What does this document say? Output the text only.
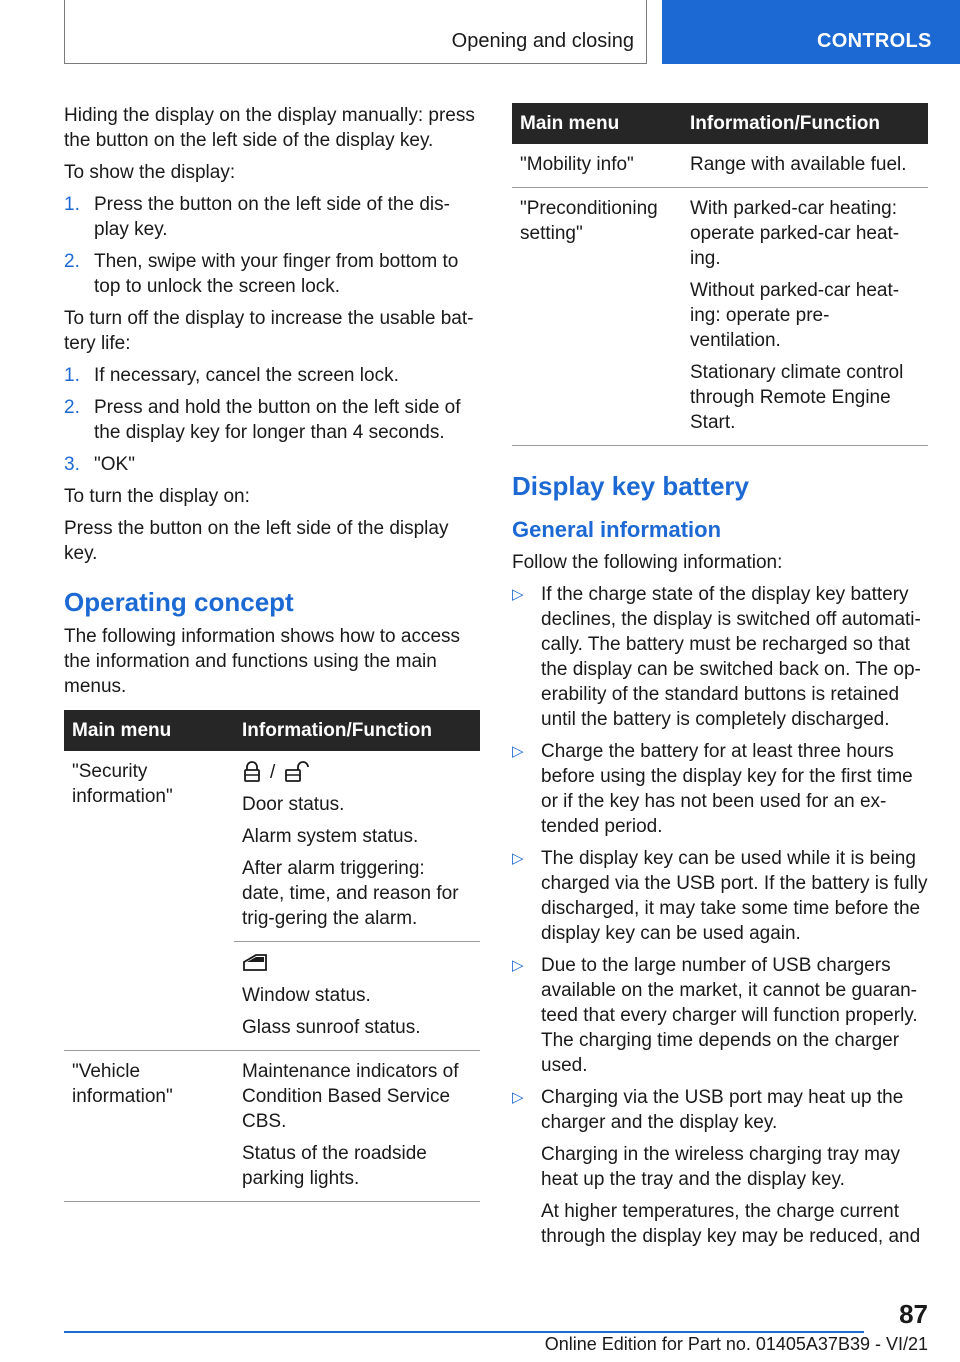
Opening and closing	CONTROLS

Hiding the display on the display manually: press the button on the left side of the display key.

To show the display:

1. Press the button on the left side of the dis‐play key.
2. Then, swipe with your finger from bottom to top to unlock the screen lock.

To turn off the display to increase the usable bat‐tery life:

1. If necessary, cancel the screen lock.
2. Press and hold the button on the left side of the display key for longer than 4 seconds.
3. "OK"

To turn the display on:

Press the button on the left side of the display key.

Operating concept

The following information shows how to access the information and functions using the main menus.

Main menu	Information/Function
"Security information"	/
Door status.
Alarm system status.
After alarm triggering: date, time, and reason for trig‐gering the alarm.

	Window status.
Glass sunroof status.

"Vehicle information"	Maintenance indicators of Condition Based Service CBS.
Status of the roadside parking lights.
Main menu	Information/Function
"Mobility info"	Range with available fuel.
"Preconditioning setting"	With parked-car heating: operate parked-car heat‐ing.
Without parked-car heat‐ing: operate pre-ventilation.
Stationary climate control through Remote Engine Start.
Display key battery
General information

Follow the following information:

▷ If the charge state of the display key battery declines, the display is switched off automati‐cally. The battery must be recharged so that the display can be switched back on. The op‐erability of the standard buttons is retained until the battery is completely discharged.
▷ Charge the battery for at least three hours before using the display key for the first time or if the key has not been used for an ex‐tended period.
▷ The display key can be used while it is being charged via the USB port. If the battery is fully discharged, it may take some time before the display key can be used again.
▷ Due to the large number of USB chargers available on the market, it cannot be guaran‐teed that every charger will function properly. The charging time depends on the charger used.
▷ Charging via the USB port may heat up the charger and the display key.
Charging in the wireless charging tray may heat up the tray and the display key.
At higher temperatures, the charge current through the display key may be reduced, and
87
Online Edition for Part no. 01405A37B39 - VI/21
